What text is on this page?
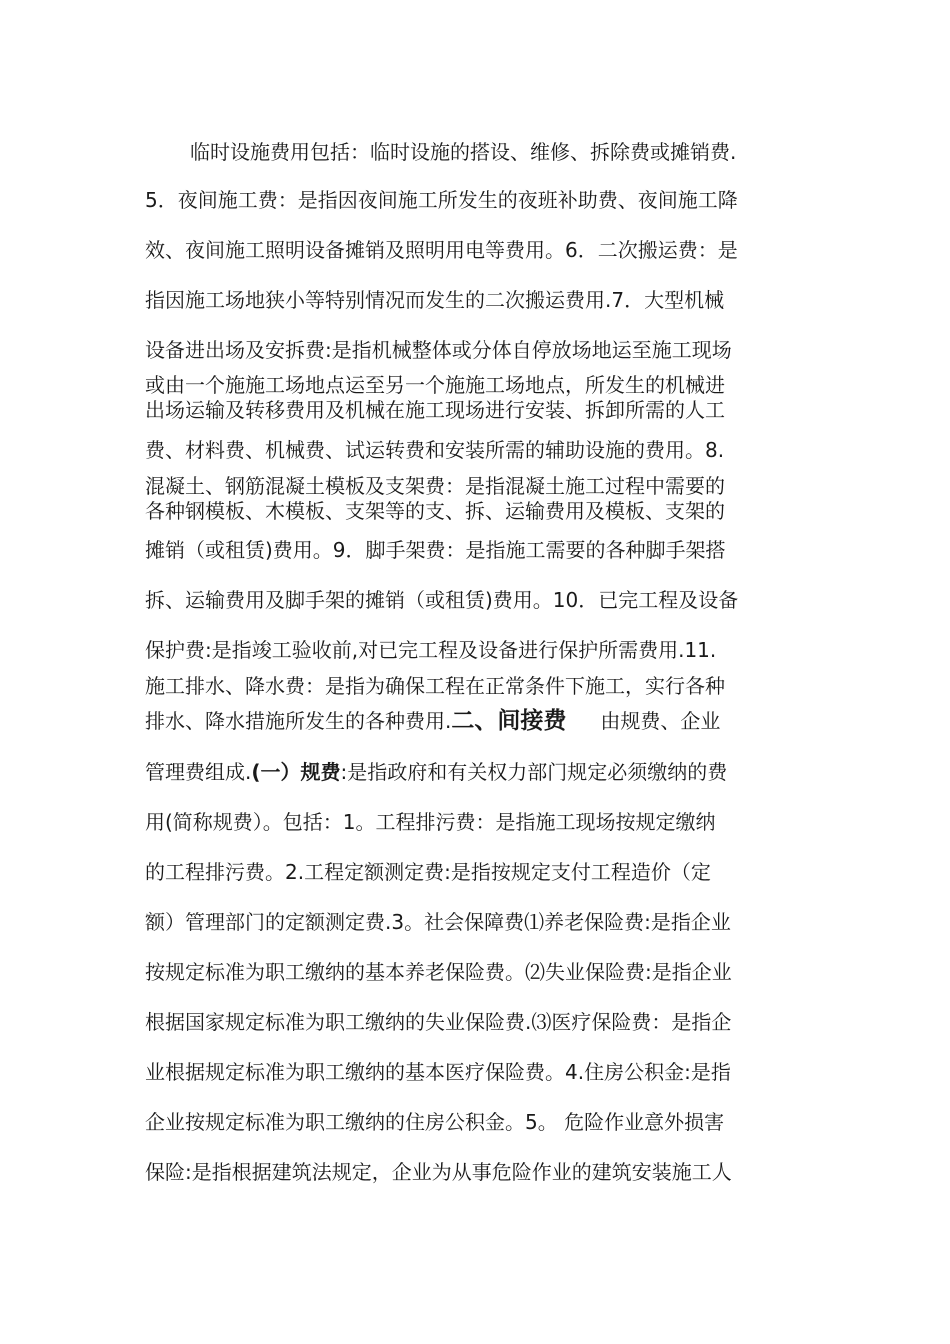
临时设施费用包括：临时设施的搭设、维修、拆除费或摊销费.
5．夜间施工费：是指因夜间施工所发生的夜班补助费、夜间施工降
效、夜间施工照明设备摊销及照明用电等费用。6．二次搬运费：是
指因施工场地狭小等特别情况而发生的二次搬运费用.7．大型机械
设备进出场及安拆费:是指机械整体或分体自停放场地运至施工现场
或由一个施施工场地点运至另一个施施工场地点，所发生的机械进
出场运输及转移费用及机械在施工现场进行安装、拆卸所需的人工
费、材料费、机械费、试运转费和安装所需的辅助设施的费用。8.
混凝土、钢筋混凝土模板及支架费：是指混凝土施工过程中需要的
各种钢模板、木模板、支架等的支、拆、运输费用及模板、支架的
摊销（或租赁)费用。9．脚手架费：是指施工需要的各种脚手架搭
拆、运输费用及脚手架的摊销（或租赁)费用。10．已完工程及设备
保护费:是指竣工验收前,对已完工程及设备进行保护所需费用.11.
施工排水、降水费：是指为确保工程在正常条件下施工，实行各种
排水、降水措施所发生的各种费用.二、间接费 由规费、企业
管理费组成.(一）规费:是指政府和有关权力部门规定必须缴纳的费
用(简称规费）。包括：1。工程排污费：是指施工现场按规定缴纳
的工程排污费。2.工程定额测定费:是指按规定支付工程造价（定
额）管理部门的定额测定费.3。社会保障费⑴养老保险费:是指企业
按规定标准为职工缴纳的基本养老保险费。⑵失业保险费:是指企业
根据国家规定标准为职工缴纳的失业保险费.⑶医疗保险费：是指企
业根据规定标准为职工缴纳的基本医疗保险费。4.住房公积金:是指
企业按规定标准为职工缴纳的住房公积金。5。 危险作业意外损害
保险:是指根据建筑法规定，企业为从事危险作业的建筑安装施工人
